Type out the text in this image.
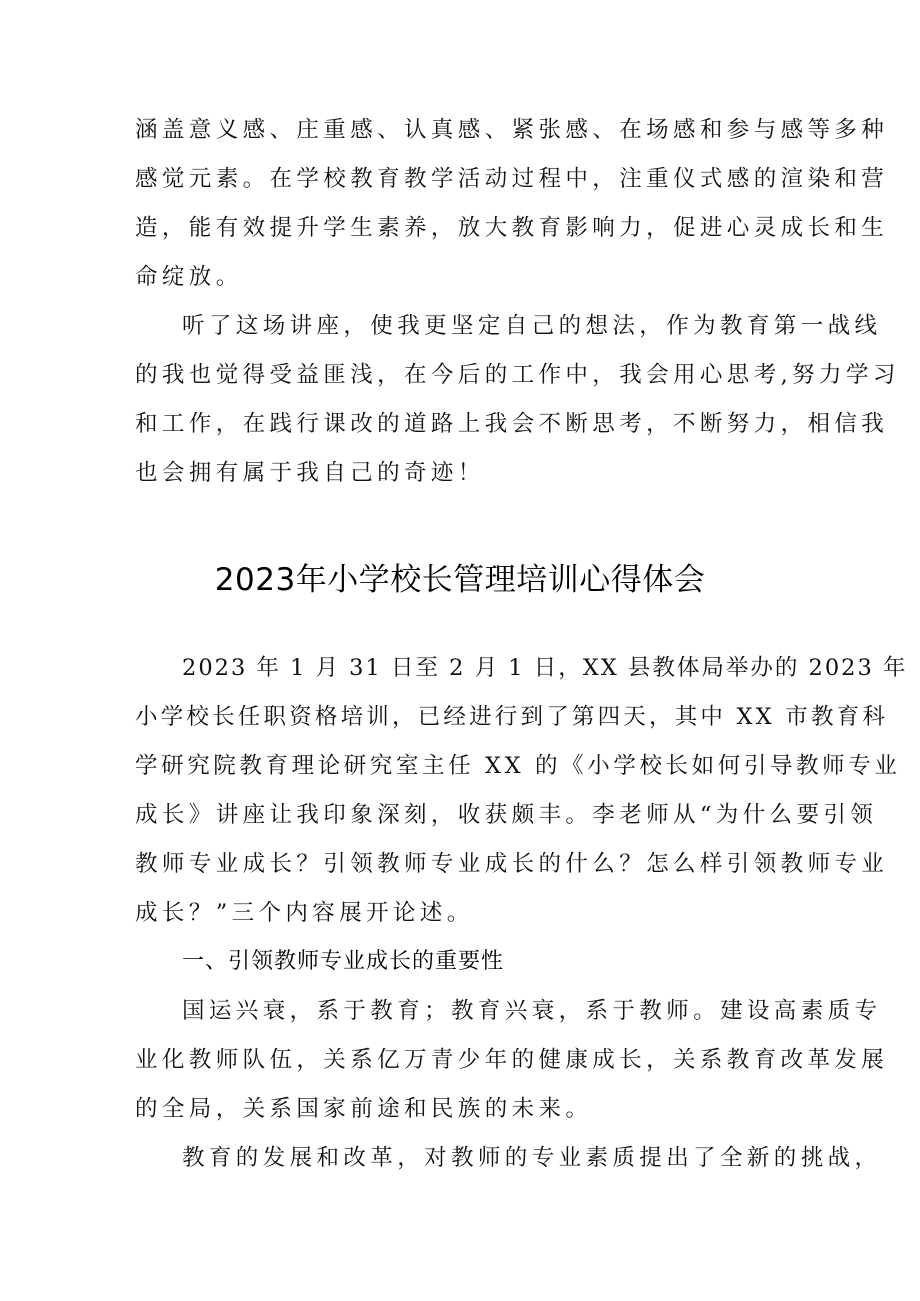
涵盖意义感、庄重感、认真感、紧张感、在场感和参与感等多种
感觉元素。在学校教育教学活动过程中，注重仪式感的渲染和营
造，能有效提升学生素养，放大教育影响力，促进心灵成长和生
命绽放。
听了这场讲座，使我更坚定自己的想法，作为教育第一战线
的我也觉得受益匪浅，在今后的工作中，我会用心思考,努力学习
和工作，在践行课改的道路上我会不断思考，不断努力，相信我
也会拥有属于我自己的奇迹！
2023年小学校长管理培训心得体会
2023 年 1 月 31 日至 2 月 1 日，XX 县教体局举办的 2023 年
小学校长任职资格培训，已经进行到了第四天，其中 XX 市教育科
学研究院教育理论研究室主任 XX 的《小学校长如何引导教师专业
成长》讲座让我印象深刻，收获颇丰。李老师从“为什么要引领
教师专业成长？引领教师专业成长的什么？怎么样引领教师专业
成长？”三个内容展开论述。
一、引领教师专业成长的重要性
国运兴衰，系于教育；教育兴衰，系于教师。建设高素质专
业化教师队伍，关系亿万青少年的健康成长，关系教育改革发展
的全局，关系国家前途和民族的未来。
教育的发展和改革，对教师的专业素质提出了全新的挑战，
